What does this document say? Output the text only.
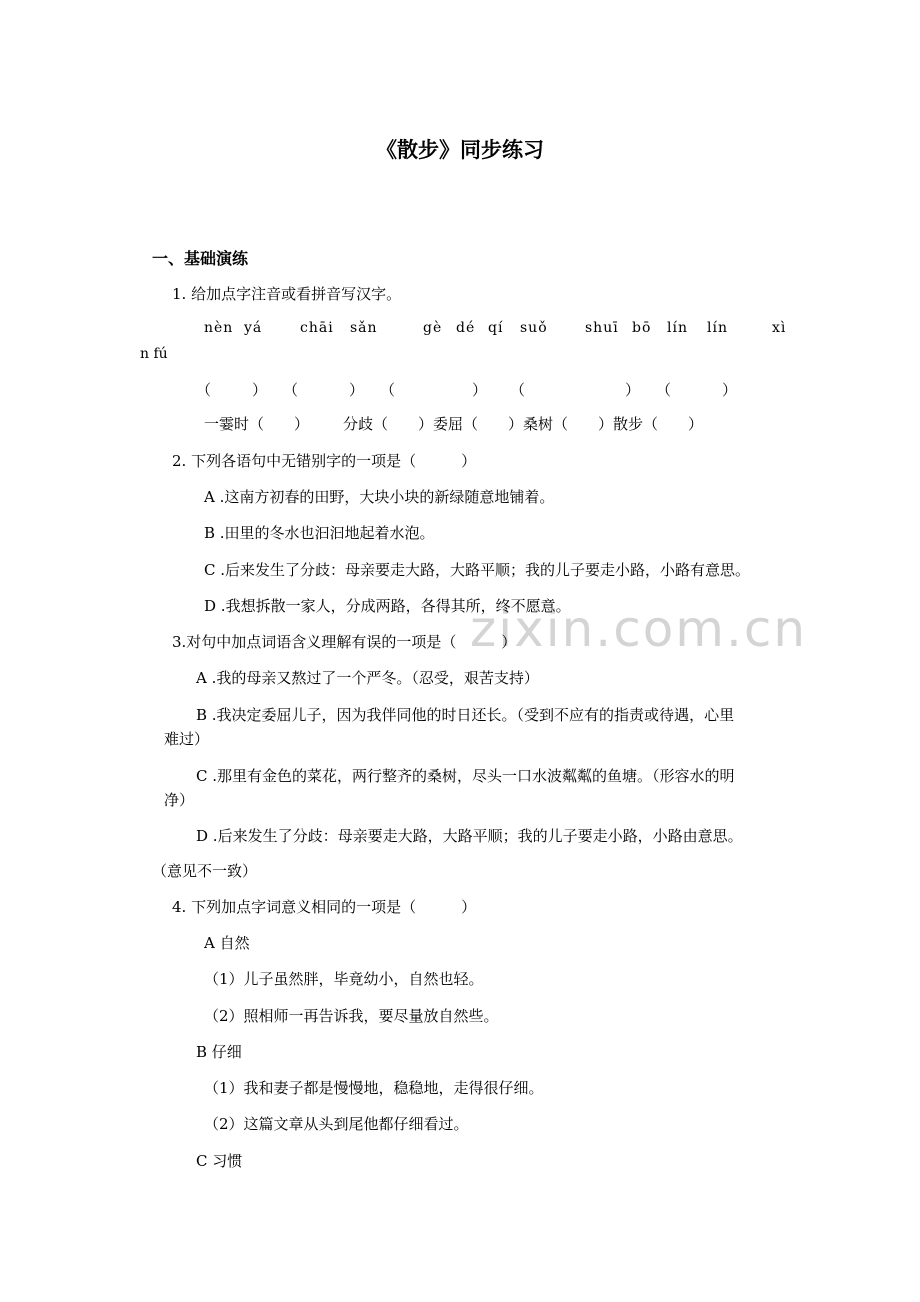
《散步》同步练习
一、基础演练
zixin.com.cn
1. 给加点字注音或看拼音写汉字。
nèn yá	chāi sǎn	gè dé qí suǒ	shuī bō lín lín	xì
n fú
（	） （	） （	） （	） （	）
一霎时（　　） 分歧（　　）委屈（　　）桑树（　　）散步（　　）
2. 下列各语句中无错别字的一项是（　　　）
A .这南方初春的田野，大块小块的新绿随意地铺着。
B .田里的冬水也汩汩地起着水泡。
C .后来发生了分歧：母亲要走大路，大路平顺；我的儿子要走小路，小路有意思。
D .我想拆散一家人，分成两路，各得其所，终不愿意。
3.对句中加点词语含义理解有误的一项是（　　　）
A .我的母亲又熬过了一个严冬。（忍受，艰苦支持）
B .我决定委屈儿子，因为我伴同他的时日还长。（受到不应有的指责或待遇，心里
难过）
C .那里有金色的菜花，两行整齐的桑树，尽头一口水波粼粼的鱼塘。（形容水的明
净）
D .后来发生了分歧：母亲要走大路，大路平顺；我的儿子要走小路，小路由意思。
（意见不一致）
4. 下列加点字词意义相同的一项是（　　　）
A 自然
（1）儿子虽然胖，毕竟幼小，自然也轻。
（2）照相师一再告诉我，要尽量放自然些。
B 仔细
（1）我和妻子都是慢慢地，稳稳地，走得很仔细。
（2）这篇文章从头到尾他都仔细看过。
C 习惯
